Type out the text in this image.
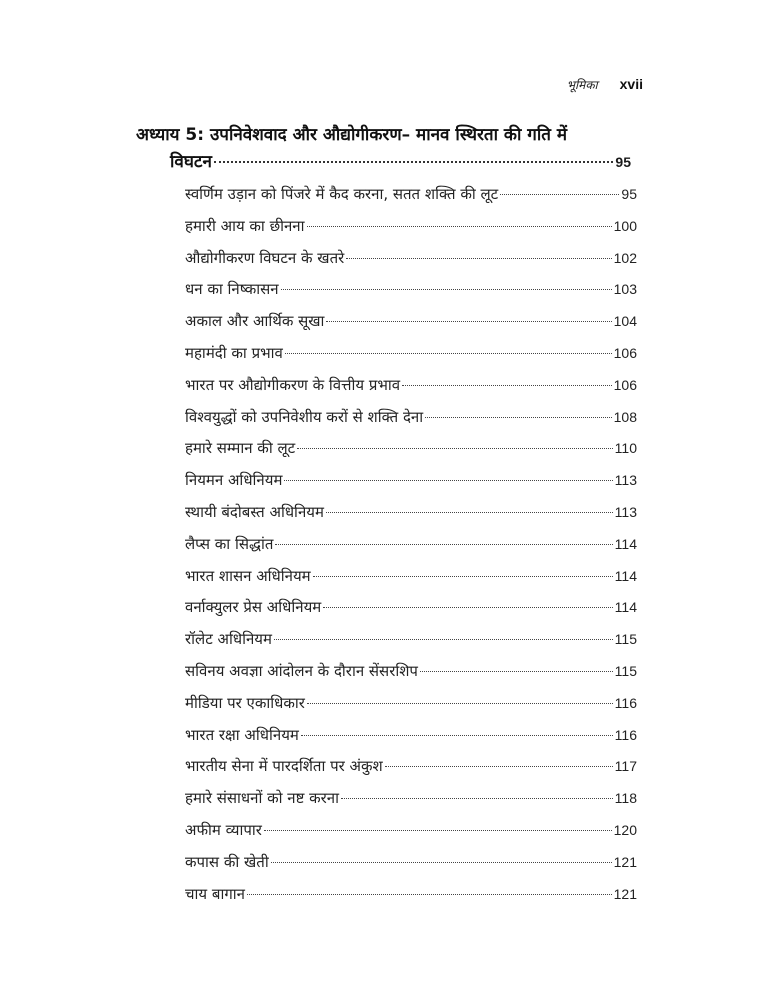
भूमिका xvii
अध्याय 5: उपनिवेशवाद और औद्योगीकरण– मानव स्थिरता की गति में
विघटन	95
स्वर्णिम उड़ान को पिंजरे में कैद करना, सतत शक्ति की लूट	95
हमारी आय का छीनना	100
औद्योगीकरण विघटन के खतरे	102
धन का निष्कासन	103
अकाल और आर्थिक सूखा	104
महामंदी का प्रभाव	106
भारत पर औद्योगीकरण के वित्तीय प्रभाव	106
विश्वयुद्धों को उपनिवेशीय करों से शक्ति देना	108
हमारे सम्मान की लूट	110
नियमन अधिनियम	113
स्थायी बंदोबस्त अधिनियम	113
लैप्स का सिद्धांत	114
भारत शासन अधिनियम	114
वर्नाक्युलर प्रेस अधिनियम	114
रॉलेट अधिनियम	115
सविनय अवज्ञा आंदोलन के दौरान सेंसरशिप	115
मीडिया पर एकाधिकार	116
भारत रक्षा अधिनियम	116
भारतीय सेना में पारदर्शिता पर अंकुश	117
हमारे संसाधनों को नष्ट करना	118
अफीम व्यापार	120
कपास की खेती	121
चाय बागान	121
